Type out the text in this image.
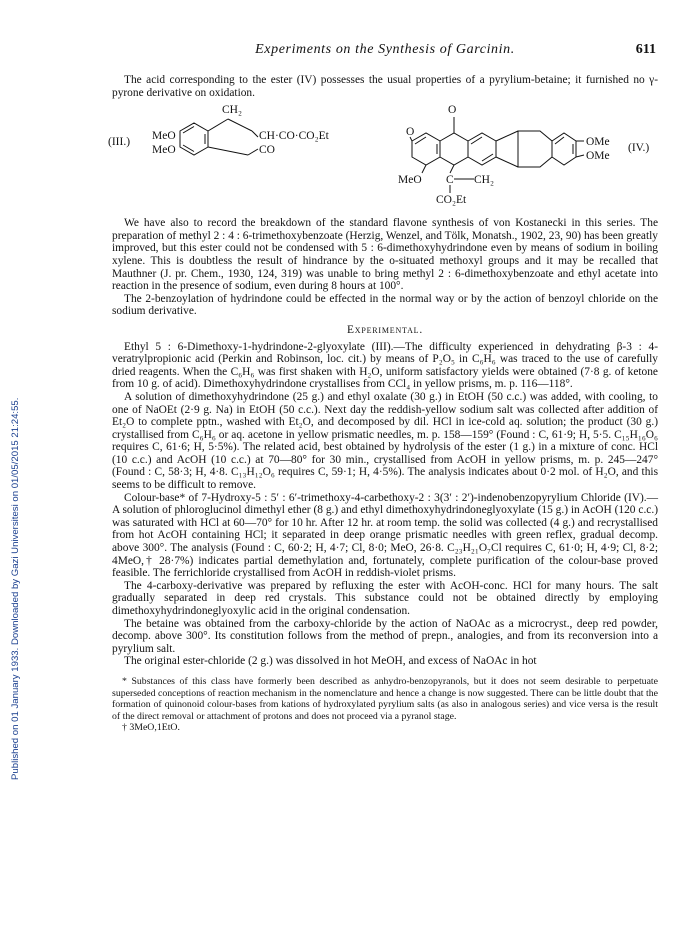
Published on 01 January 1933. Downloaded by Gazi Universitesi on 01/05/2015 21:24:55.
Experiments on the Synthesis of Garcinin.	611

The acid corresponding to the ester (IV) possesses the usual properties of a pyrylium-betaine; it furnished no γ-pyrone derivative on oxidation.

(III.)
CH₂
MeO
MeO
CH·CO·CO₂Et
CO
O
O
OMe
OMe
(IV.)
MeO C CH₂
CO₂Et

We have also to record the breakdown of the standard flavone synthesis of von Kostanecki in this series. The preparation of methyl 2 : 4 : 6-trimethoxybenzoate (Herzig, Wenzel, and Tölk, Monatsh., 1902, 23, 90) has been greatly improved, but this ester could not be condensed with 5 : 6-dimethoxyhydrindone even by means of sodium in boiling xylene. This is doubtless the result of hindrance by the o-situated methoxyl groups and it may be recalled that Mauthner (J. pr. Chem., 1930, 124, 319) was unable to bring methyl 2 : 6-dimethoxybenzoate and ethyl acetate into reaction in the presence of sodium, even during 8 hours at 100°.

The 2-benzoylation of hydrindone could be effected in the normal way or by the action of benzoyl chloride on the sodium derivative.

Experimental.

Ethyl 5 : 6-Dimethoxy-1-hydrindone-2-glyoxylate (III).—The difficulty experienced in dehydrating β-3 : 4-veratrylpropionic acid (Perkin and Robinson, loc. cit.) by means of P₂O₅ in C₆H₆ was traced to the use of carefully dried reagents. When the C₆H₆ was first shaken with H₂O, uniform satisfactory yields were obtained (7·8 g. of ketone from 10 g. of acid). Dimethoxyhydrindone crystallises from CCl₄ in yellow prisms, m. p. 116—118°.

A solution of dimethoxyhydrindone (25 g.) and ethyl oxalate (30 g.) in EtOH (50 c.c.) was added, with cooling, to one of NaOEt (2·9 g. Na) in EtOH (50 c.c.). Next day the reddish-yellow sodium salt was collected after addition of Et₂O to complete pptn., washed with Et₂O, and decomposed by dil. HCl in ice-cold aq. solution; the product (30 g.) crystallised from C₆H₆ or aq. acetone in yellow prismatic needles, m. p. 158—159° (Found : C, 61·9; H, 5·5. C₁₅H₁₆O₆ requires C, 61·6; H, 5·5%). The related acid, best obtained by hydrolysis of the ester (1 g.) in a mixture of conc. HCl (10 c.c.) and AcOH (10 c.c.) at 70—80° for 30 min., crystallised from AcOH in yellow prisms, m. p. 245—247° (Found : C, 58·3; H, 4·8. C₁₃H₁₂O₆ requires C, 59·1; H, 4·5%). The analysis indicates about 0·2 mol. of H₂O, and this seems to be difficult to remove.

Colour-base* of 7-Hydroxy-5 : 5′ : 6′-trimethoxy-4-carbethoxy-2 : 3(3′ : 2′)-indenobenzopyrylium Chloride (IV).—A solution of phloroglucinol dimethyl ether (8 g.) and ethyl dimethoxyhydrindoneglyoxylate (15 g.) in AcOH (120 c.c.) was saturated with HCl at 60—70° for 10 hr. After 12 hr. at room temp. the solid was collected (4 g.) and recrystallised from hot AcOH containing HCl; it separated in deep orange prismatic needles with green reflex, gradual decomp. above 300°. The analysis (Found : C, 60·2; H, 4·7; Cl, 8·0; MeO, 26·8. C₂₃H₂₁O₇Cl requires C, 61·0; H, 4·9; Cl, 8·2; 4MeO,† 28·7%) indicates partial demethylation and, fortunately, complete purification of the colour-base proved feasible. The ferrichloride crystallised from AcOH in reddish-violet prisms.

The 4-carboxy-derivative was prepared by refluxing the ester with AcOH-conc. HCl for many hours. The salt gradually separated in deep red crystals. This substance could not be obtained directly by employing dimethoxyhydrindoneglyoxylic acid in the original condensation.

The betaine was obtained from the carboxy-chloride by the action of NaOAc as a microcryst., deep red powder, decomp. above 300°. Its constitution follows from the method of prepn., analogies, and from its reconversion into a pyrylium salt.

The original ester-chloride (2 g.) was dissolved in hot MeOH, and excess of NaOAc in hot

* Substances of this class have formerly been described as anhydro-benzopyranols, but it does not seem desirable to perpetuate superseded conceptions of reaction mechanism in the nomenclature and hence a change is now suggested. There can be little doubt that the formation of quinonoid colour-bases from kations of hydroxylated pyrylium salts (as also in analogous series) and vice versa is the result of the direct removal or attachment of protons and does not proceed via a pyranol stage.

† 3MeO,1EtO.
